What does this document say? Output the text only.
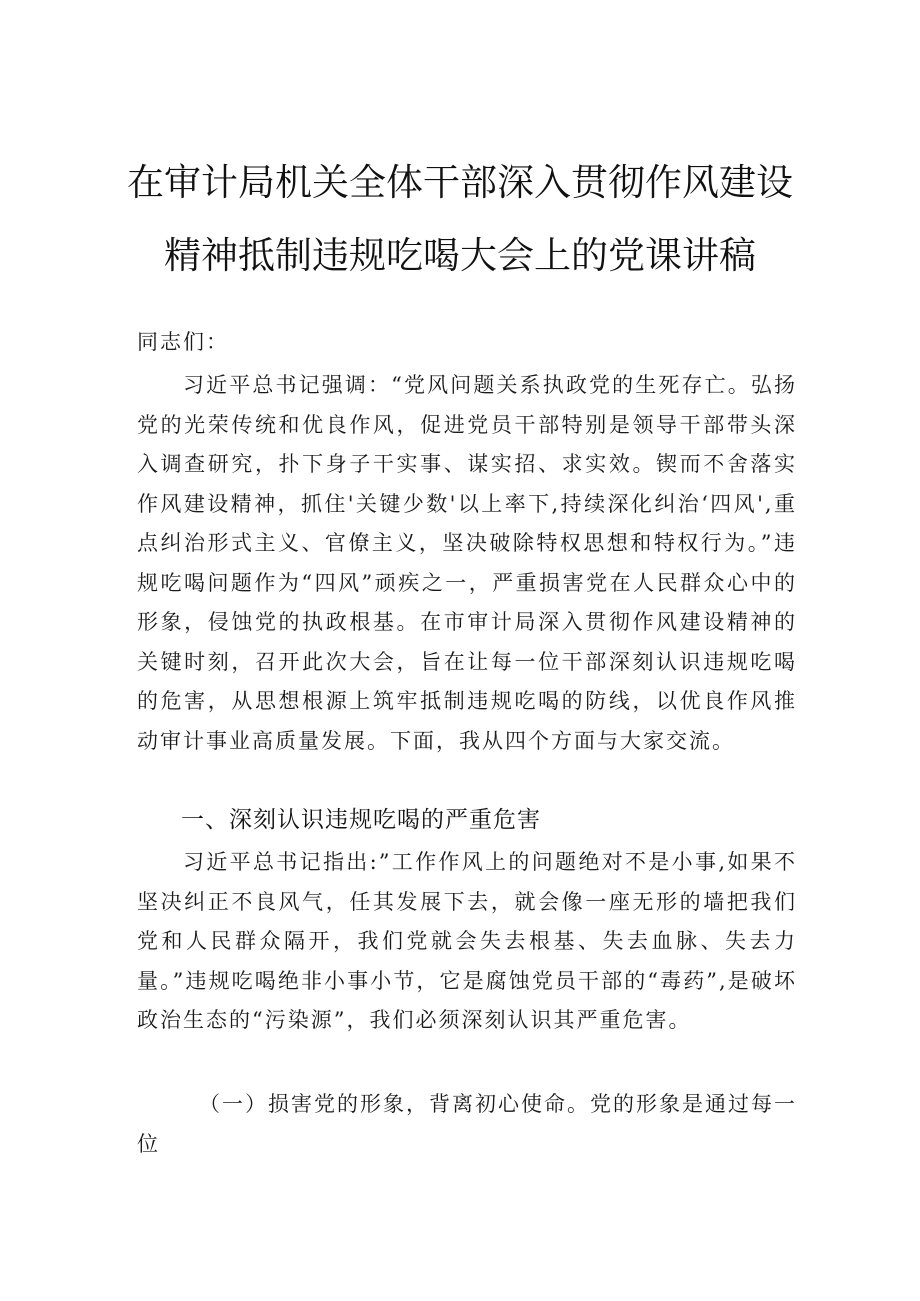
在审计局机关全体干部深入贯彻作风建设
精神抵制违规吃喝大会上的党课讲稿
同志们：
习近平总书记强调：“党风问题关系执政党的生死存亡。弘扬党的光荣传统和优良作风，促进党员干部特别是领导干部带头深入调查研究，扑下身子干实事、谋实招、求实效。锲而不舍落实作风建设精神，抓住'关键少数'以上率下,持续深化纠治‘四风',重点纠治形式主义、官僚主义，坚决破除特权思想和特权行为。”违规吃喝问题作为“四风”顽疾之一，严重损害党在人民群众心中的形象，侵蚀党的执政根基。在市审计局深入贯彻作风建设精神的关键时刻，召开此次大会，旨在让每一位干部深刻认识违规吃喝的危害，从思想根源上筑牢抵制违规吃喝的防线，以优良作风推动审计事业高质量发展。下面，我从四个方面与大家交流。
一、深刻认识违规吃喝的严重危害
习近平总书记指出:”工作作风上的问题绝对不是小事,如果不坚决纠正不良风气，任其发展下去，就会像一座无形的墙把我们党和人民群众隔开，我们党就会失去根基、失去血脉、失去力量。”违规吃喝绝非小事小节，它是腐蚀党员干部的“毒药”,是破坏政治生态的“污染源”，我们必须深刻认识其严重危害。
（一）损害党的形象，背离初心使命。党的形象是通过每一位
